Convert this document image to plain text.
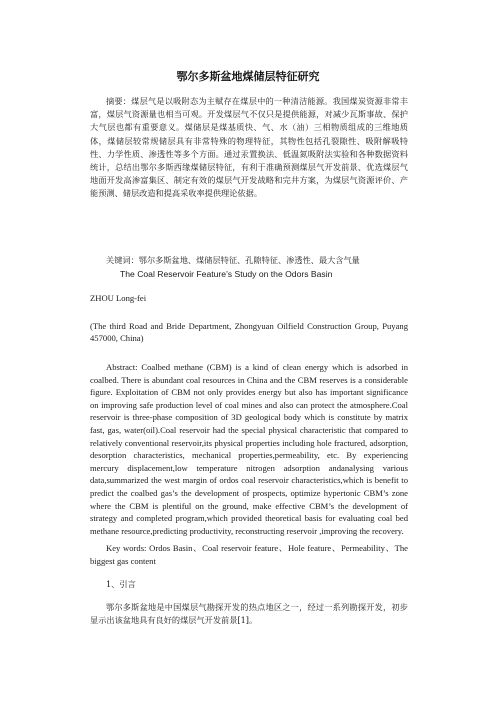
鄂尔多斯盆地煤储层特征研究

摘要：煤层气是以吸附态为主赋存在煤层中的一种清洁能源。我国煤炭资源非常丰富，煤层气资源量也相当可观。开发煤层气不仅只是提供能源，对减少瓦斯事故、保护大气层也都有重要意义。煤储层是煤基质快、气、水（油）三相物质组成的三维地质体，煤储层较常规储层具有非常特殊的物理特征，其物性包括孔裂隙性、吸附解吸特性、力学性质、渗透性等多个方面。通过汞置换法、低温氮吸附法实验和各种数据资料统计，总结出鄂尔多斯西缘煤储层特征，有利于准确预测煤层气开发前景、优选煤层气地面开发高渗富集区、制定有效的煤层气开发战略和完井方案，为煤层气资源评价、产能预测、储层改造和提高采收率提供理论依据。

关键词：鄂尔多斯盆地、煤储层特征、孔隙特征、渗透性、最大含气量

The Coal Reservoir Feature’s Study on the Odors Basin

ZHOU Long-fei

(The third Road and Bride Department, Zhongyuan Oilfield Construction Group, Puyang 457000, China)

Abstract: Coalbed methane (CBM) is a kind of clean energy which is adsorbed in coalbed. There is abundant coal resources in China and the CBM reserves is a considerable figure. Exploitation of CBM not only provides energy but also has important significance on improving safe production level of coal mines and also can protect the atmosphere.Coal reservoir is three-phase composition of 3D geological body which is constitute by matrix fast, gas, water(oil).Coal reservoir had the special physical characteristic that compared to relatively conventional reservoir,its physical properties including hole fractured, adsorption, desorption characteristics, mechanical properties,permeability, etc. By experiencing mercury displacement,low temperature nitrogen adsorption andanalysing various data,summarized the west margin of ordos coal reservoir characteristics,which is benefit to predict the coalbed gas’s the development of prospects, optimize hypertonic CBM’s zone where the CBM is plentiful on the ground, make effective CBM’s the development of strategy and completed program,which provided theoretical basis for evaluating coal bed methane resource,predicting productivity, reconstructing reservoir ,improving the recovery.

Key words: Ordos Basin、Coal reservoir feature、Hole feature、Permeability、The biggest gas content

1、引言

鄂尔多斯盆地是中国煤层气勘探开发的热点地区之一，经过一系列勘探开发，初步显示出该盆地具有良好的煤层气开发前景[1]。
